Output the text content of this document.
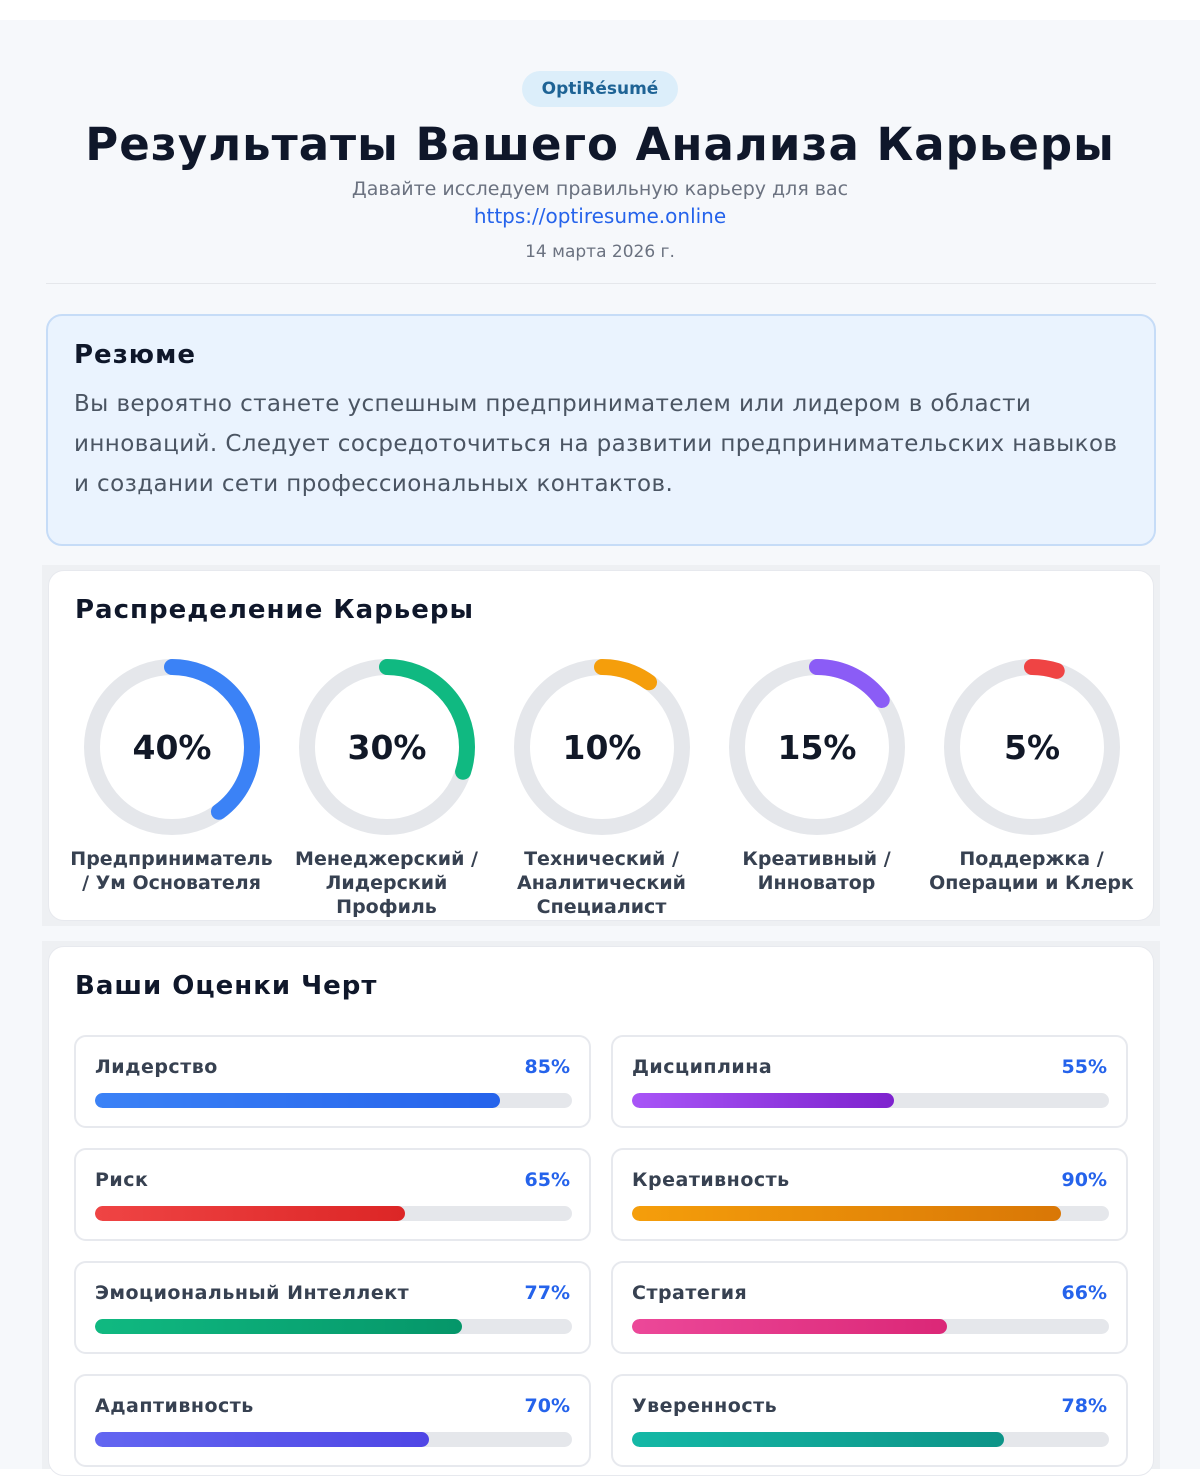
OptiRésumé
Результаты Вашего Анализа Карьеры
Давайте исследуем правильную карьеру для вас
https://optiresume.online
14 марта 2026 г.
Резюме
Вы вероятно станете успешным предпринимателем или лидером в области инноваций. Следует сосредоточиться на развитии предпринимательских навыков и создании сети профессиональных контактов.
Распределение Карьеры
40%
Предприниматель / Ум Основателя
30%
Менеджерский / Лидерский Профиль
10%
Технический / Аналитический Специалист
15%
Креативный / Инноватор
5%
Поддержка / Операции и Клерк
Ваши Оценки Черт
Лидерство	85%	Дисциплина	55%
Риск	65%	Креативность	90%
Эмоциональный Интеллект	77%	Стратегия	66%
Адаптивность	70%	Уверенность	78%
